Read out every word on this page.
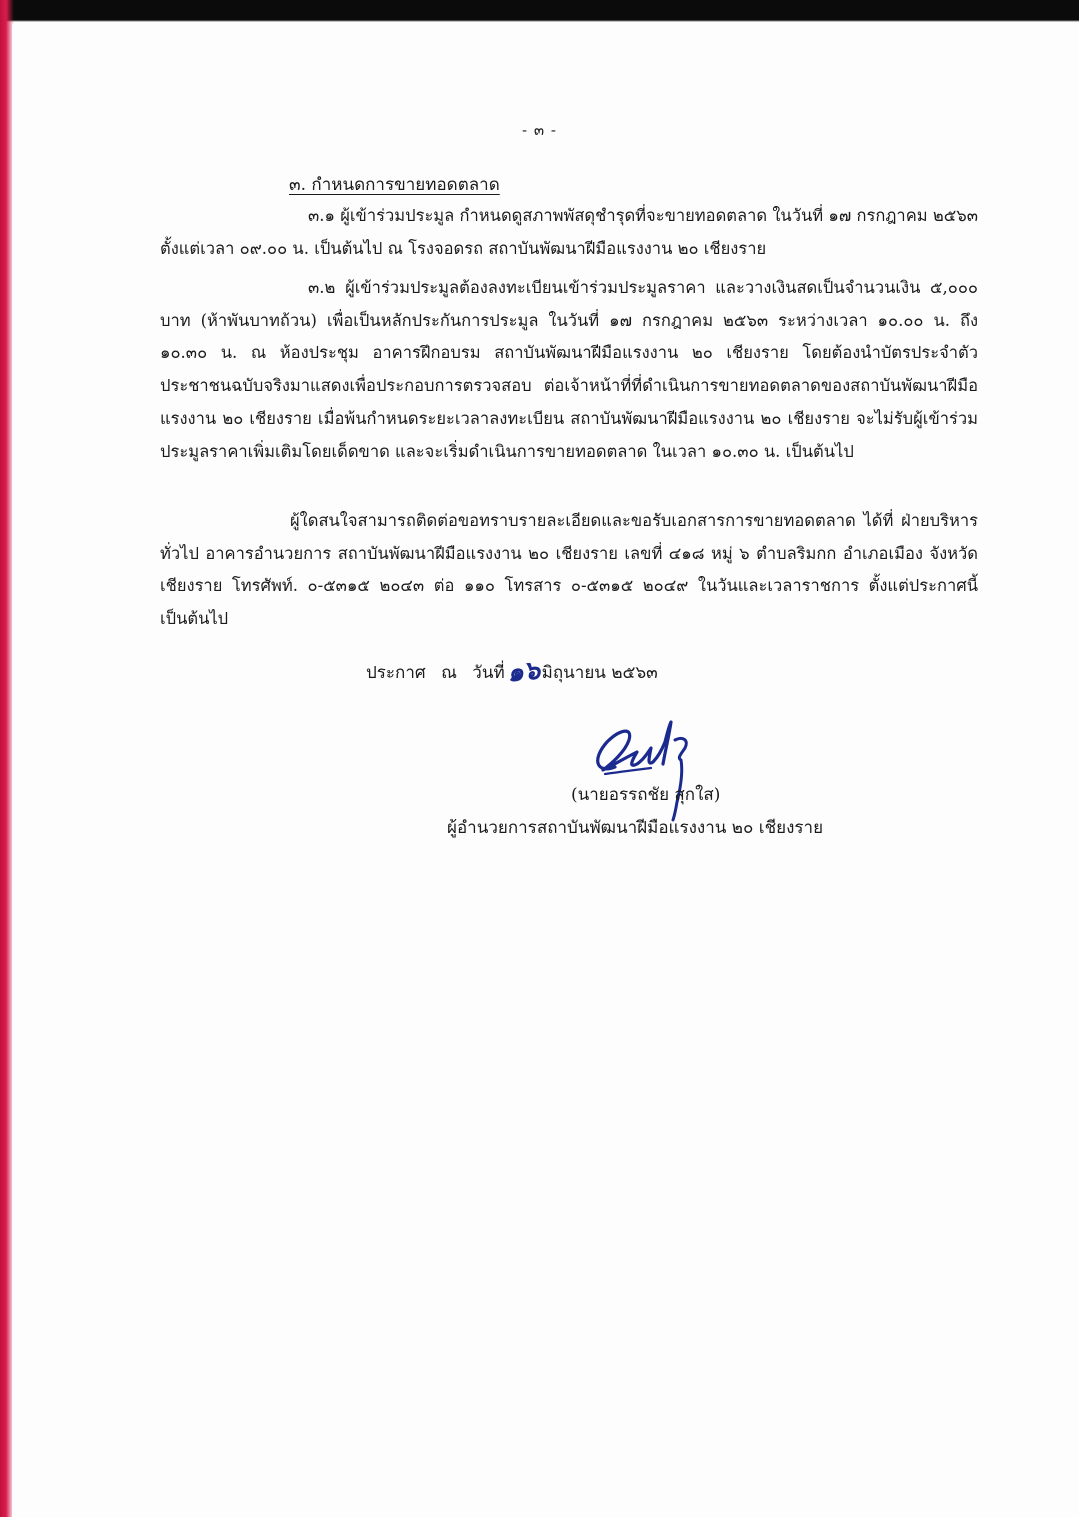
- ๓ -
๓. กำหนดการขายทอดตลาด

๓.๑ ผู้เข้าร่วมประมูล กำหนดดูสภาพพัสดุชำรุดที่จะขายทอดตลาด ในวันที่ ๑๗ กรกฎาคม ๒๕๖๓ ตั้งแต่เวลา ๐๙.๐๐ น. เป็นต้นไป ณ โรงจอดรถ สถาบันพัฒนาฝีมือแรงงาน ๒๐ เชียงราย

๓.๒ ผู้เข้าร่วมประมูลต้องลงทะเบียนเข้าร่วมประมูลราคา และวางเงินสดเป็นจำนวนเงิน ๕,๐๐๐ บาท (ห้าพันบาทถ้วน) เพื่อเป็นหลักประกันการประมูล ในวันที่ ๑๗ กรกฎาคม ๒๕๖๓ ระหว่างเวลา ๑๐.๐๐ น. ถึง ๑๐.๓๐ น. ณ ห้องประชุม อาคารฝึกอบรม สถาบันพัฒนาฝีมือแรงงาน ๒๐ เชียงราย โดยต้องนำบัตรประจำตัวประชาชนฉบับจริงมาแสดงเพื่อประกอบการตรวจสอบ ต่อเจ้าหน้าที่ที่ดำเนินการขายทอดตลาดของสถาบันพัฒนาฝีมือแรงงาน ๒๐ เชียงราย เมื่อพ้นกำหนดระยะเวลาลงทะเบียน สถาบันพัฒนาฝีมือแรงงาน ๒๐ เชียงราย จะไม่รับผู้เข้าร่วมประมูลราคาเพิ่มเติมโดยเด็ดขาด และจะเริ่มดำเนินการขายทอดตลาด ในเวลา ๑๐.๓๐ น. เป็นต้นไป

ผู้ใดสนใจสามารถติดต่อขอทราบรายละเอียดและขอรับเอกสารการขายทอดตลาด ได้ที่ ฝ่ายบริหารทั่วไป อาคารอำนวยการ สถาบันพัฒนาฝีมือแรงงาน ๒๐ เชียงราย เลขที่ ๔๑๘ หมู่ ๖ ตำบลริมกก อำเภอเมือง จังหวัดเชียงราย โทรศัพท์. ๐-๕๓๑๕ ๒๐๔๓ ต่อ ๑๑๐ โทรสาร ๐-๕๓๑๕ ๒๐๔๙ ในวันและเวลาราชการ ตั้งแต่ประกาศนี้เป็นต้นไป

ประกาศ ณ วันที่๑๖มิถุนายน ๒๕๖๓
(นายอรรถชัย สุกใส)
ผู้อำนวยการสถาบันพัฒนาฝีมือแรงงาน ๒๐ เชียงราย
